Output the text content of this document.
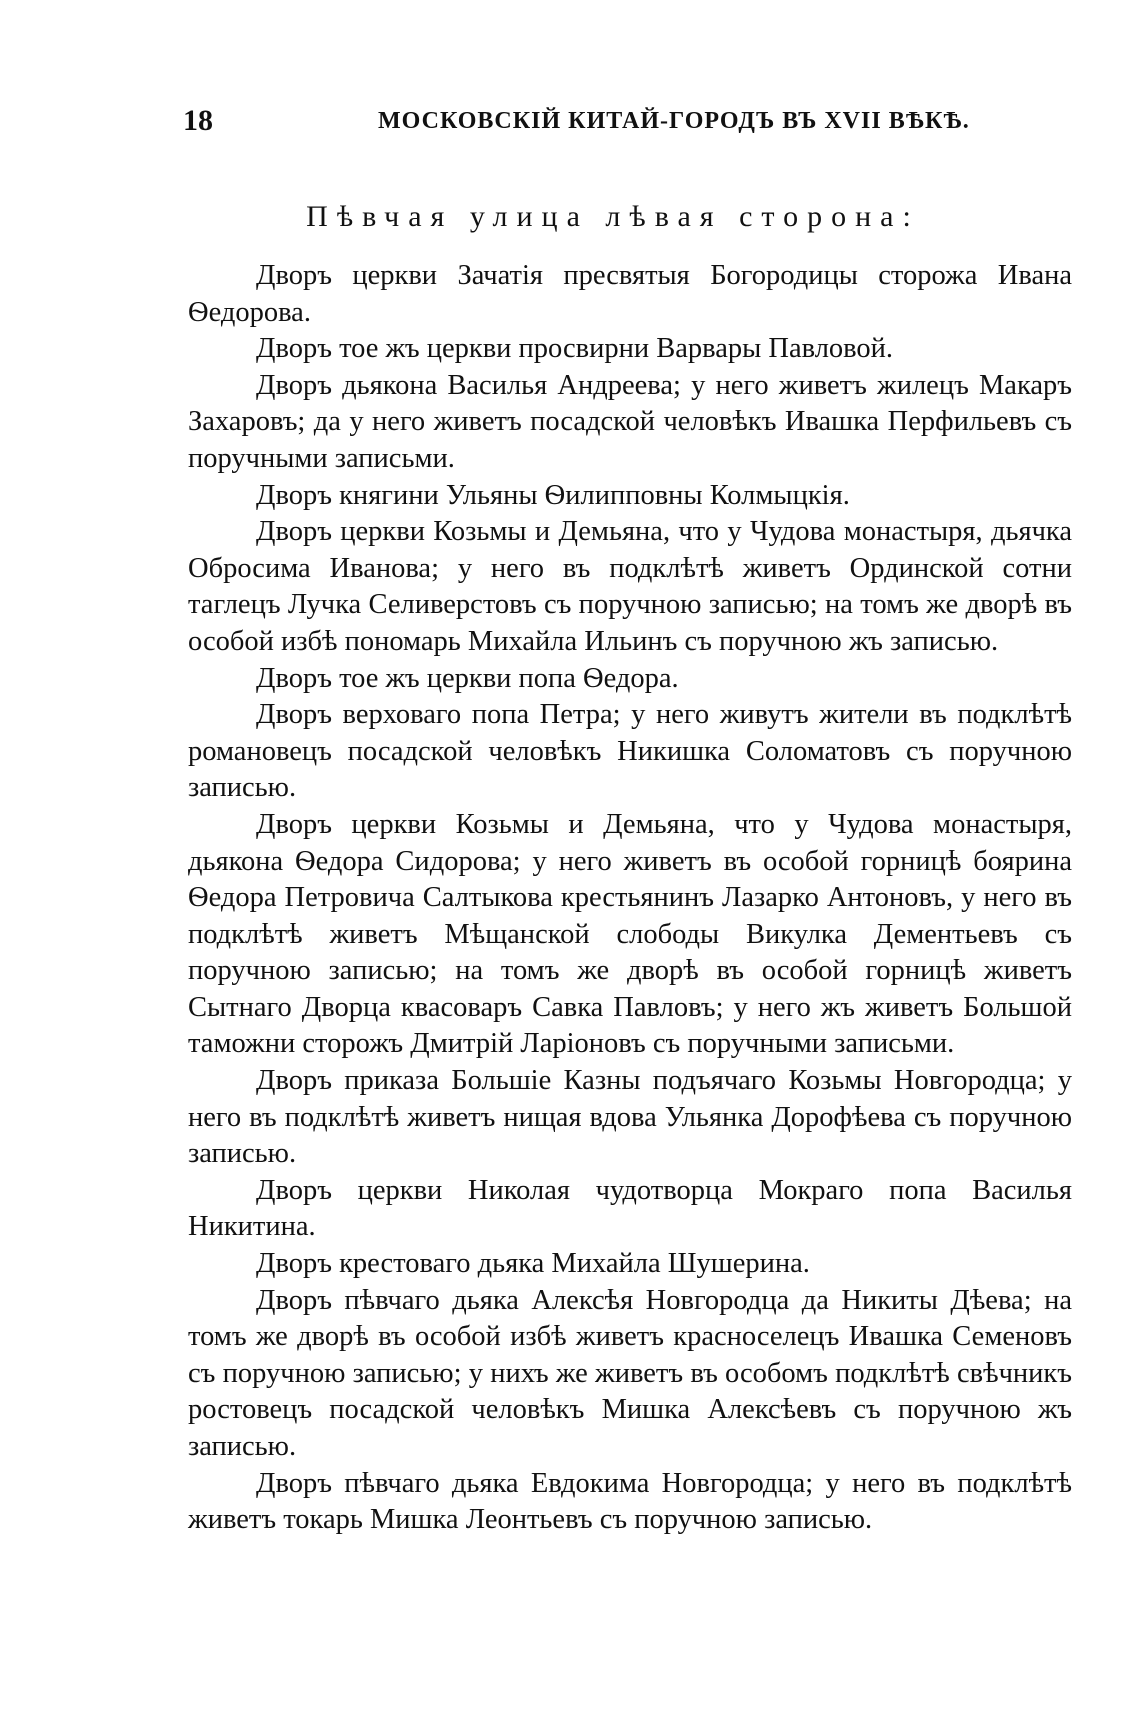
18	МОСКОВСКІЙ КИТАЙ-ГОРОДЪ ВЪ XVII ВѢКѢ.
Пѣвчая улица лѣвая сторона:

Дворъ церкви Зачатія пресвятыя Богородицы сторожа Ивана Ѳедорова.

Дворъ тое жъ церкви просвирни Варвары Павловой.

Дворъ дьякона Василья Андреева; у него живетъ жилецъ Макаръ Захаровъ; да у него живетъ посадской человѣкъ Ивашка Перфильевъ съ поручными записьми.

Дворъ княгини Ульяны Ѳилипповны Колмыцкія.

Дворъ церкви Козьмы и Демьяна, что у Чудова монастыря, дьячка Обросима Иванова; у него въ подклѣтѣ живетъ Ординской сотни таглецъ Лучка Селиверстовъ съ поручною записью; на томъ же дворѣ въ особой избѣ пономарь Михайла Ильинъ съ поручною жъ записью.

Дворъ тое жъ церкви попа Ѳедора.

Дворъ верховаго попа Петра; у него живутъ жители въ подклѣтѣ романовецъ посадской человѣкъ Никишка Соломатовъ съ поручною записью.

Дворъ церкви Козьмы и Демьяна, что у Чудова монастыря, дьякона Ѳедора Сидорова; у него живетъ въ особой горницѣ боярина Ѳедора Петровича Салтыкова крестьянинъ Лазарко Антоновъ, у него въ подклѣтѣ живетъ Мѣщанской слободы Викулка Дементьевъ съ поручною записью; на томъ же дворѣ въ особой горницѣ живетъ Сытнаго Дворца квасоваръ Савка Павловъ; у него жъ живетъ Большой таможни сторожъ Дмитрій Ларіоновъ съ поручными записьми.

Дворъ приказа Большіе Казны подъячаго Козьмы Новгородца; у него въ подклѣтѣ живетъ нищая вдова Ульянка Дорофѣева съ поручною записью.

Дворъ церкви Николая чудотворца Мокраго попа Василья Никитина.

Дворъ крестоваго дьяка Михайла Шушерина.

Дворъ пѣвчаго дьяка Алексѣя Новгородца да Никиты Дѣева; на томъ же дворѣ въ особой избѣ живетъ красноселецъ Ивашка Семеновъ съ поручною записью; у нихъ же живетъ въ особомъ подклѣтѣ свѣчникъ ростовецъ посадской человѣкъ Мишка Алексѣевъ съ поручною жъ записью.

Дворъ пѣвчаго дьяка Евдокима Новгородца; у него въ подклѣтѣ живетъ токарь Мишка Леонтьевъ съ поручною записью.
